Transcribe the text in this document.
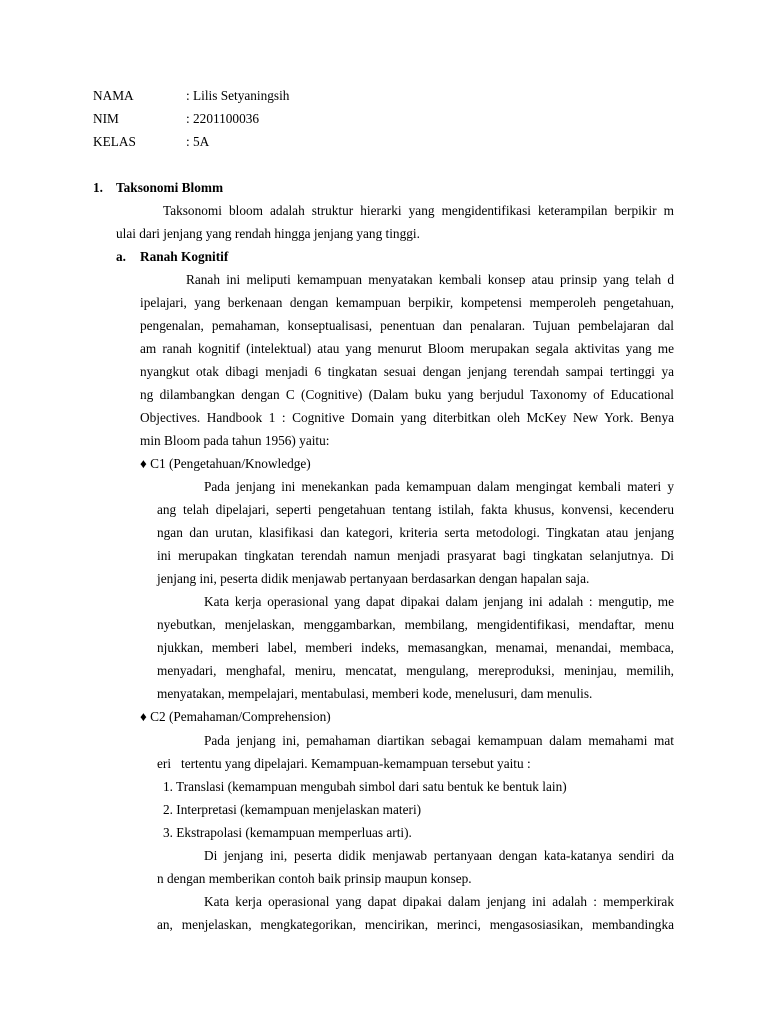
NAMA	: Lilis Setyaningsih
NIM	: 2201100036
KELAS	: 5A
1. Taksonomi Blomm
Taksonomi bloom adalah struktur hierarki yang mengidentifikasi keterampilan berpikir m
ulai dari jenjang yang rendah hingga jenjang yang tinggi.
a. Ranah Kognitif
Ranah ini meliputi kemampuan menyatakan kembali konsep atau prinsip yang telah d
ipelajari, yang berkenaan dengan kemampuan berpikir, kompetensi memperoleh pengetahuan,
pengenalan, pemahaman, konseptualisasi, penentuan dan penalaran. Tujuan pembelajaran dal
am ranah kognitif (intelektual) atau yang menurut Bloom merupakan segala aktivitas yang me
nyangkut otak dibagi menjadi 6 tingkatan sesuai dengan jenjang terendah sampai tertinggi ya
ng dilambangkan dengan C (Cognitive) (Dalam buku yang berjudul Taxonomy of Educational
Objectives. Handbook 1 : Cognitive Domain yang diterbitkan oleh McKey New York. Benya
min Bloom pada tahun 1956) yaitu:
♦ C1 (Pengetahuan/Knowledge)
Pada jenjang ini menekankan pada kemampuan dalam mengingat kembali materi y
ang telah dipelajari, seperti pengetahuan tentang istilah, fakta khusus, konvensi, kecenderu
ngan dan urutan, klasifikasi dan kategori, kriteria serta metodologi. Tingkatan atau jenjang
ini merupakan tingkatan terendah namun menjadi prasyarat bagi tingkatan selanjutnya. Di
jenjang ini, peserta didik menjawab pertanyaan berdasarkan dengan hapalan saja.
Kata kerja operasional yang dapat dipakai dalam jenjang ini adalah : mengutip, me
nyebutkan, menjelaskan, menggambarkan, membilang, mengidentifikasi, mendaftar, menu
njukkan, memberi label, memberi indeks, memasangkan, menamai, menandai, membaca,
menyadari, menghafal, meniru, mencatat, mengulang, mereproduksi, meninjau, memilih,
menyatakan, mempelajari, mentabulasi, memberi kode, menelusuri, dam menulis.
♦ C2 (Pemahaman/Comprehension)
Pada jenjang ini, pemahaman diartikan sebagai kemampuan dalam memahami mat
eri   tertentu yang dipelajari. Kemampuan-kemampuan tersebut yaitu :
1. Translasi (kemampuan mengubah simbol dari satu bentuk ke bentuk lain)
2. Interpretasi (kemampuan menjelaskan materi)
3. Ekstrapolasi (kemampuan memperluas arti).
Di jenjang ini, peserta didik menjawab pertanyaan dengan kata-katanya sendiri da
n dengan memberikan contoh baik prinsip maupun konsep.
Kata kerja operasional yang dapat dipakai dalam jenjang ini adalah : memperkirak
an, menjelaskan, mengkategorikan, mencirikan, merinci, mengasosiasikan, membandingka
